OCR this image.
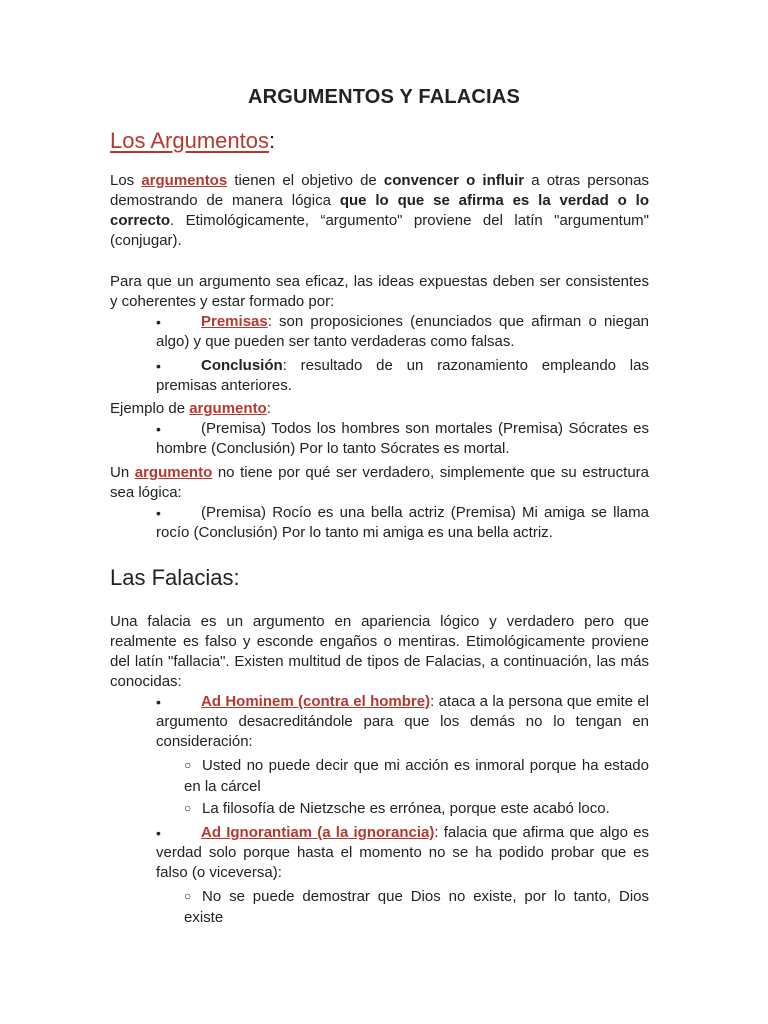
ARGUMENTOS Y FALACIAS
Los Argumentos:

Los argumentos tienen el objetivo de convencer o influir a otras personas demostrando de manera lógica que lo que se afirma es la verdad o lo correcto. Etimológicamente, “argumento" proviene del latín "argumentum" (conjugar).

Para que un argumento sea eficaz, las ideas expuestas deben ser consistentes y coherentes y estar formado por:

•	Premisas: son proposiciones (enunciados que afirman o niegan algo) y que pueden ser tanto verdaderas como falsas.

•	Conclusión: resultado de un razonamiento empleando las premisas anteriores.

Ejemplo de argumento:

•	(Premisa) Todos los hombres son mortales (Premisa) Sócrates es hombre (Conclusión) Por lo tanto Sócrates es mortal.

Un argumento no tiene por qué ser verdadero, simplemente que su estructura sea lógica:

•	(Premisa) Rocío es una bella actriz (Premisa) Mi amiga se llama rocío (Conclusión) Por lo tanto mi amiga es una bella actriz.

Las Falacias:

Una falacia es un argumento en apariencia lógico y verdadero pero que realmente es falso y esconde engaños o mentiras. Etimológicamente proviene del latín "fallacia". Existen multitud de tipos de Falacias, a continuación, las más conocidas:

•	Ad Hominem (contra el hombre): ataca a la persona que emite el argumento desacreditándole para que los demás no lo tengan en consideración:

○ Usted no puede decir que mi acción es inmoral porque ha estado en la cárcel

○ La filosofía de Nietzsche es errónea, porque este acabó loco.

•	Ad Ignorantiam (a la ignorancia): falacia que afirma que algo es verdad solo porque hasta el momento no se ha podido probar que es falso (o viceversa):

○ No se puede demostrar que Dios no existe, por lo tanto, Dios existe
